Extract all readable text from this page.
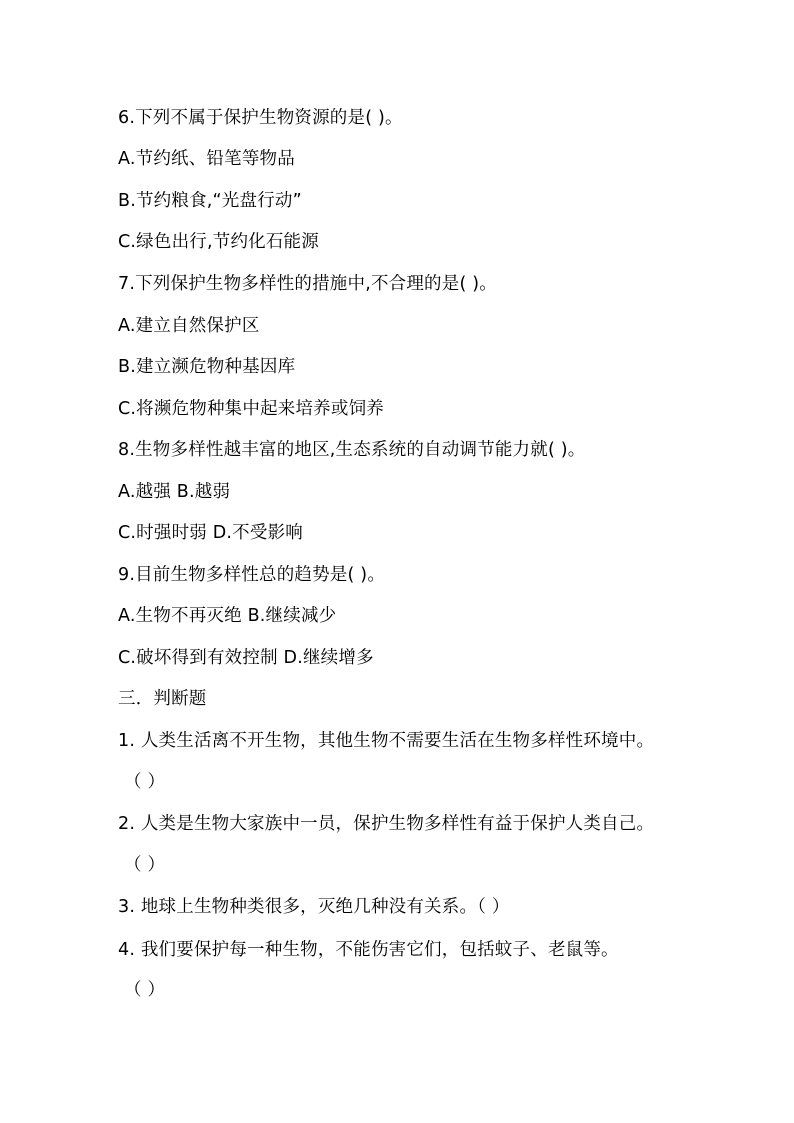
6.下列不属于保护生物资源的是( )。
A.节约纸、铅笔等物品
B.节约粮食,“光盘行动”
C.绿色出行,节约化石能源
7.下列保护生物多样性的措施中,不合理的是( )。
A.建立自然保护区
B.建立濒危物种基因库
C.将濒危物种集中起来培养或饲养
8.生物多样性越丰富的地区,生态系统的自动调节能力就( )。
A.越强 B.越弱
C.时强时弱 D.不受影响
9.目前生物多样性总的趋势是( )。
A.生物不再灭绝 B.继续减少
C.破坏得到有效控制 D.继续增多
三．判断题
1. 人类生活离不开生物，其他生物不需要生活在生物多样性环境中。
（ ）
2. 人类是生物大家族中一员，保护生物多样性有益于保护人类自己。
（ ）
3. 地球上生物种类很多，灭绝几种没有关系。（ ）
4. 我们要保护每一种生物，不能伤害它们，包括蚊子、老鼠等。
（ ）
